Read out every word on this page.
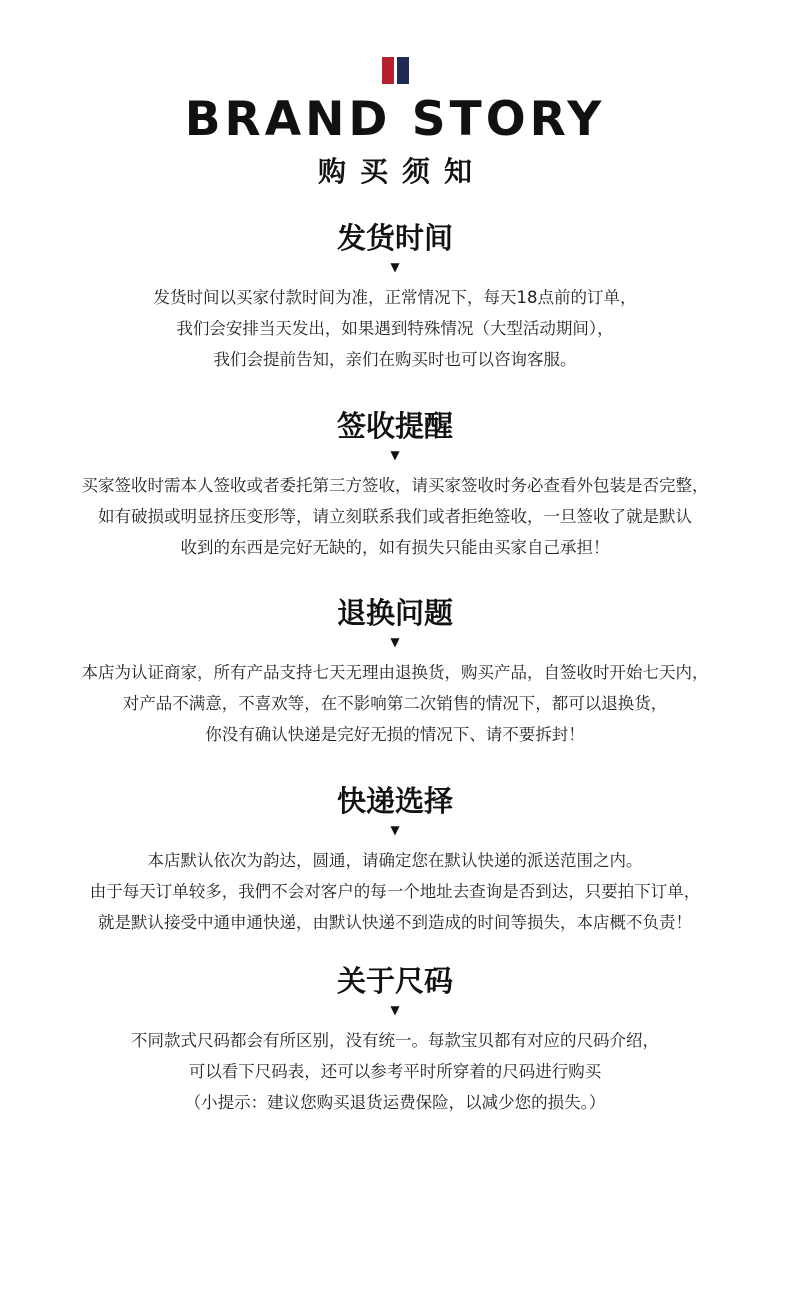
BRAND STORY
购买须知
发货时间
▼
发货时间以买家付款时间为准，正常情况下，每天18点前的订单，
我们会安排当天发出，如果遇到特殊情况（大型活动期间），
我们会提前告知，亲们在购买时也可以咨询客服。
签收提醒
▼
买家签收时需本人签收或者委托第三方签收，请买家签收时务必查看外包装是否完整，
如有破损或明显挤压变形等，请立刻联系我们或者拒绝签收，一旦签收了就是默认
收到的东西是完好无缺的，如有损失只能由买家自己承担！
退换问题
▼
本店为认证商家，所有产品支持七天无理由退换货，购买产品，自签收时开始七天内，
对产品不满意，不喜欢等，在不影响第二次销售的情况下，都可以退换货，
你没有确认快递是完好无损的情况下、请不要拆封！
快递选择
▼
本店默认依次为韵达，圆通，请确定您在默认快递的派送范围之内。
由于每天订单较多，我們不会对客户的每一个地址去查询是否到达，只要拍下订单，
就是默认接受中通申通快递，由默认快递不到造成的时间等损失，本店概不负责！
关于尺码
▼
不同款式尺码都会有所区别，没有统一。每款宝贝都有对应的尺码介绍，
可以看下尺码表，还可以参考平时所穿着的尺码进行购买
（小提示：建议您购买退货运费保险，以减少您的损失。）
